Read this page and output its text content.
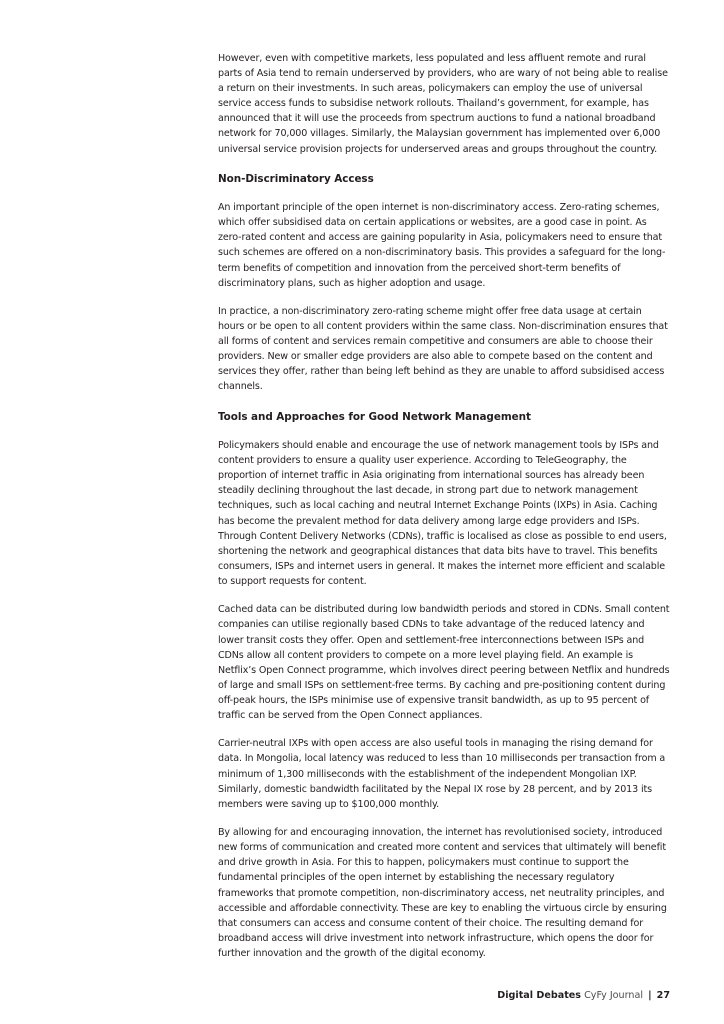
However, even with competitive markets, less populated and less affluent remote and rural parts of Asia tend to remain underserved by providers, who are wary of not being able to realise a return on their investments. In such areas, policymakers can employ the use of universal service access funds to subsidise network rollouts. Thailand’s government, for example, has announced that it will use the proceeds from spectrum auctions to fund a national broadband network for 70,000 villages. Similarly, the Malaysian government has implemented over 6,000 universal service provision projects for underserved areas and groups throughout the country.

Non-Discriminatory Access

An important principle of the open internet is non-discriminatory access. Zero-rating schemes, which offer subsidised data on certain applications or websites, are a good case in point. As zero-rated content and access are gaining popularity in Asia, policymakers need to ensure that such schemes are offered on a non-discriminatory basis. This provides a safeguard for the long-term benefits of competition and innovation from the perceived short-term benefits of discriminatory plans, such as higher adoption and usage.

In practice, a non-discriminatory zero-rating scheme might offer free data usage at certain hours or be open to all content providers within the same class. Non-discrimination ensures that all forms of content and services remain competitive and consumers are able to choose their providers. New or smaller edge providers are also able to compete based on the content and services they offer, rather than being left behind as they are unable to afford subsidised access channels.

Tools and Approaches for Good Network Management

Policymakers should enable and encourage the use of network management tools by ISPs and content providers to ensure a quality user experience. According to TeleGeography, the proportion of internet traffic in Asia originating from international sources has already been steadily declining throughout the last decade, in strong part due to network management techniques, such as local caching and neutral Internet Exchange Points (IXPs) in Asia. Caching has become the prevalent method for data delivery among large edge providers and ISPs. Through Content Delivery Networks (CDNs), traffic is localised as close as possible to end users, shortening the network and geographical distances that data bits have to travel. This benefits consumers, ISPs and internet users in general. It makes the internet more efficient and scalable to support requests for content.

Cached data can be distributed during low bandwidth periods and stored in CDNs. Small content companies can utilise regionally based CDNs to take advantage of the reduced latency and lower transit costs they offer. Open and settlement-free interconnections between ISPs and CDNs allow all content providers to compete on a more level playing field. An example is Netflix’s Open Connect programme, which involves direct peering between Netflix and hundreds of large and small ISPs on settlement-free terms. By caching and pre-positioning content during off-peak hours, the ISPs minimise use of expensive transit bandwidth, as up to 95 percent of traffic can be served from the Open Connect appliances.

Carrier-neutral IXPs with open access are also useful tools in managing the rising demand for data. In Mongolia, local latency was reduced to less than 10 milliseconds per transaction from a minimum of 1,300 milliseconds with the establishment of the independent Mongolian IXP. Similarly, domestic bandwidth facilitated by the Nepal IX rose by 28 percent, and by 2013 its members were saving up to $100,000 monthly.

By allowing for and encouraging innovation, the internet has revolutionised society, introduced new forms of communication and created more content and services that ultimately will benefit and drive growth in Asia. For this to happen, policymakers must continue to support the fundamental principles of the open internet by establishing the necessary regulatory frameworks that promote competition, non-discriminatory access, net neutrality principles, and accessible and affordable connectivity. These are key to enabling the virtuous circle by ensuring that consumers can access and consume content of their choice. The resulting demand for broadband access will drive investment into network infrastructure, which opens the door for further innovation and the growth of the digital economy.

Digital Debates CyFy Journal | 27
